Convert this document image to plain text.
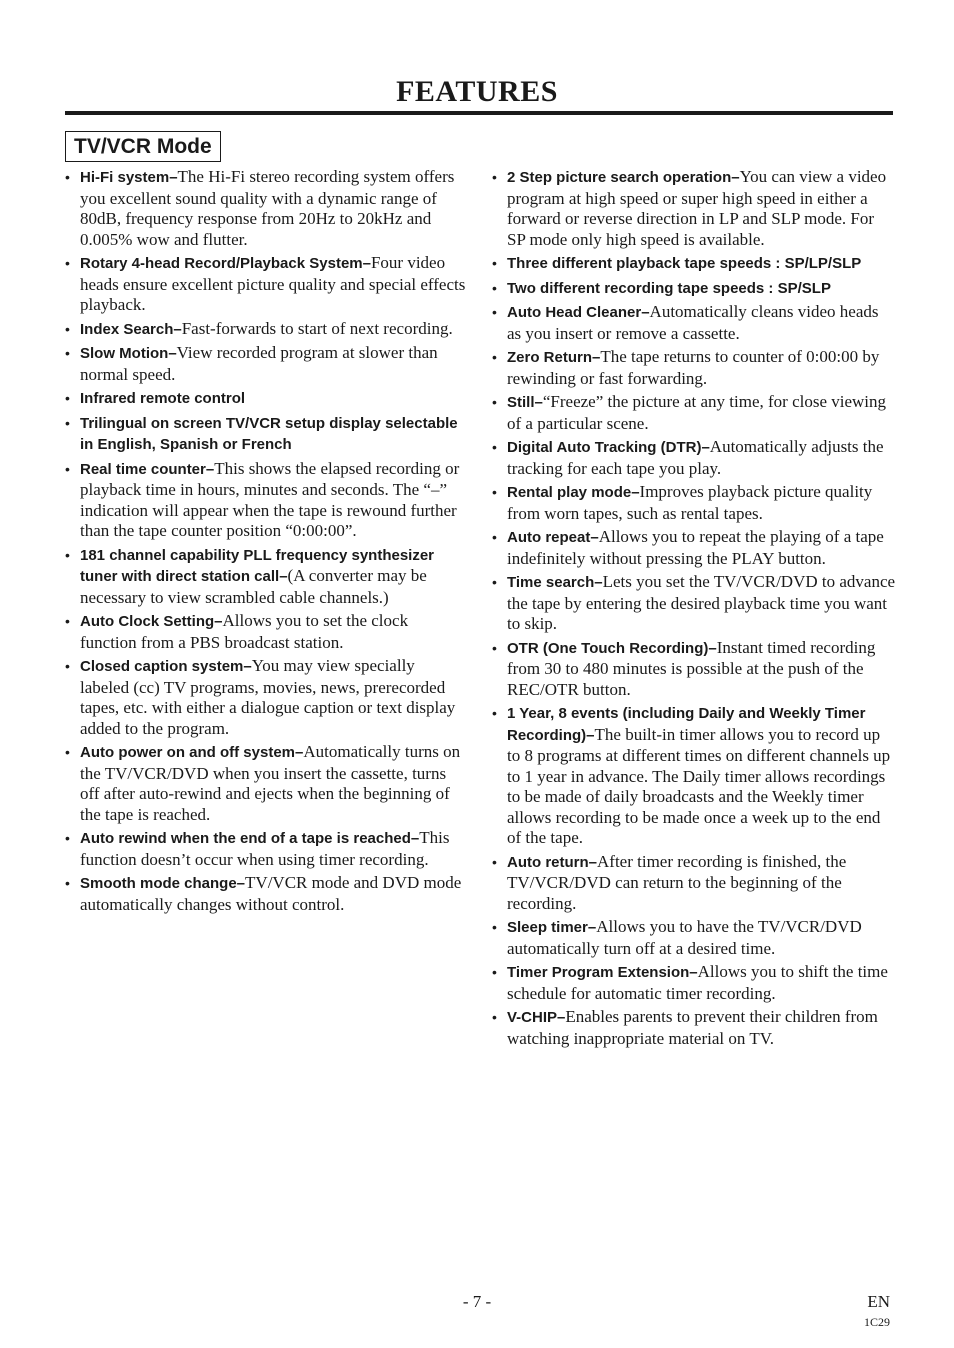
FEATURES
TV/VCR Mode
• Hi-Fi system–The Hi-Fi stereo recording system offers you excellent sound quality with a dynamic range of 80dB, frequency response from 20Hz to 20kHz and 0.005% wow and flutter.
• Rotary 4-head Record/Playback System–Four video heads ensure excellent picture quality and special effects playback.
• Index Search–Fast-forwards to start of next recording.
• Slow Motion–View recorded program at slower than normal speed.
• Infrared remote control
• Trilingual on screen TV/VCR setup display selectable in English, Spanish or French
• Real time counter–This shows the elapsed recording or playback time in hours, minutes and seconds. The “–” indication will appear when the tape is rewound further than the tape counter position “0:00:00”.
• 181 channel capability PLL frequency synthesizer tuner with direct station call–(A converter may be necessary to view scrambled cable channels.)
• Auto Clock Setting–Allows you to set the clock function from a PBS broadcast station.
• Closed caption system–You may view specially labeled (cc) TV programs, movies, news, prerecorded tapes, etc. with either a dialogue caption or text display added to the program.
• Auto power on and off system–Automatically turns on the TV/VCR/DVD when you insert the cassette, turns off after auto-rewind and ejects when the beginning of the tape is reached.
• Auto rewind when the end of a tape is reached–This function doesn’t occur when using timer recording.
• Smooth mode change–TV/VCR mode and DVD mode automatically changes without control.
• 2 Step picture search operation–You can view a video program at high speed or super high speed in either a forward or reverse direction in LP and SLP mode. For SP mode only high speed is available.
• Three different playback tape speeds : SP/LP/SLP
• Two different recording tape speeds : SP/SLP
• Auto Head Cleaner–Automatically cleans video heads as you insert or remove a cassette.
• Zero Return–The tape returns to counter of 0:00:00 by rewinding or fast forwarding.
• Still–“Freeze” the picture at any time, for close viewing of a particular scene.
• Digital Auto Tracking (DTR)–Automatically adjusts the tracking for each tape you play.
• Rental play mode–Improves playback picture quality from worn tapes, such as rental tapes.
• Auto repeat–Allows you to repeat the playing of a tape indefinitely without pressing the PLAY button.
• Time search–Lets you set the TV/VCR/DVD to advance the tape by entering the desired playback time you want to skip.
• OTR (One Touch Recording)–Instant timed recording from 30 to 480 minutes is possible at the push of the REC/OTR button.
• 1 Year, 8 events (including Daily and Weekly Timer Recording)–The built-in timer allows you to record up to 8 programs at different times on different channels up to 1 year in advance. The Daily timer allows recordings to be made of daily broadcasts and the Weekly timer allows recording to be made once a week up to the end of the tape.
• Auto return–After timer recording is finished, the TV/VCR/DVD can return to the beginning of the recording.
• Sleep timer–Allows you to have the TV/VCR/DVD automatically turn off at a desired time.
• Timer Program Extension–Allows you to shift the time schedule for automatic timer recording.
• V-CHIP–Enables parents to prevent their children from watching inappropriate material on TV.
- 7 -	EN
1C29
